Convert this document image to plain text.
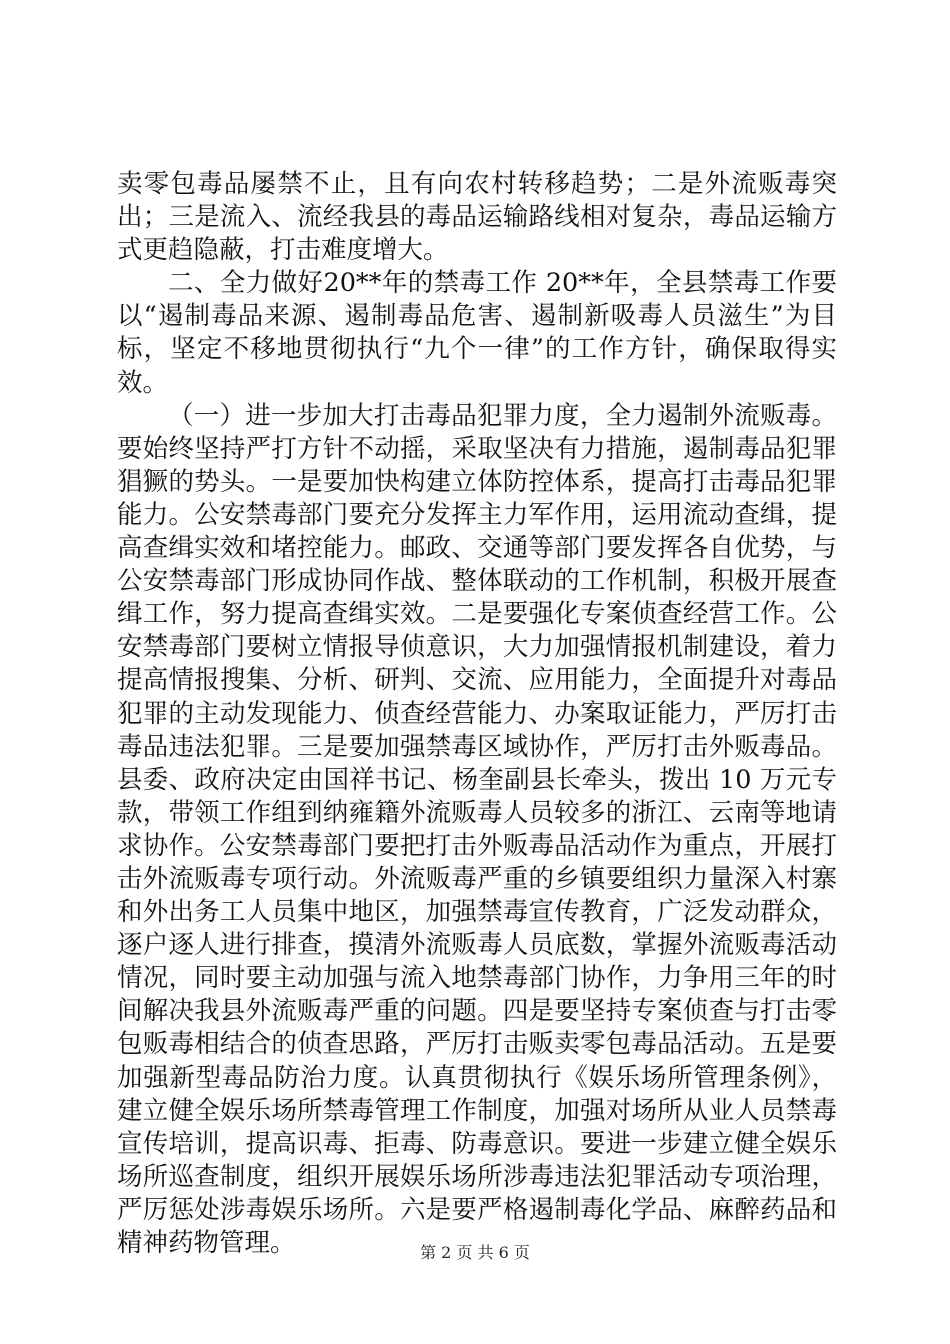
卖零包毒品屡禁不止，且有向农村转移趋势；二是外流贩毒突出；三是流入、流经我县的毒品运输路线相对复杂，毒品运输方式更趋隐蔽，打击难度增大。

二、全力做好20**年的禁毒工作 20**年，全县禁毒工作要以“遏制毒品来源、遏制毒品危害、遏制新吸毒人员滋生”为目标，坚定不移地贯彻执行“九个一律”的工作方针，确保取得实效。

（一）进一步加大打击毒品犯罪力度，全力遏制外流贩毒。要始终坚持严打方针不动摇，采取坚决有力措施，遏制毒品犯罪猖獗的势头。一是要加快构建立体防控体系，提高打击毒品犯罪能力。公安禁毒部门要充分发挥主力军作用，运用流动查缉，提高查缉实效和堵控能力。邮政、交通等部门要发挥各自优势，与公安禁毒部门形成协同作战、整体联动的工作机制，积极开展查缉工作，努力提高查缉实效。二是要强化专案侦查经营工作。公安禁毒部门要树立情报导侦意识，大力加强情报机制建设，着力提高情报搜集、分析、研判、交流、应用能力，全面提升对毒品犯罪的主动发现能力、侦查经营能力、办案取证能力，严厉打击毒品违法犯罪。三是要加强禁毒区域协作，严厉打击外贩毒品。县委、政府决定由国祥书记、杨奎副县长牵头，拨出 10 万元专款，带领工作组到纳雍籍外流贩毒人员较多的浙江、云南等地请求协作。公安禁毒部门要把打击外贩毒品活动作为重点，开展打击外流贩毒专项行动。外流贩毒严重的乡镇要组织力量深入村寨和外出务工人员集中地区，加强禁毒宣传教育，广泛发动群众，逐户逐人进行排查，摸清外流贩毒人员底数，掌握外流贩毒活动情况，同时要主动加强与流入地禁毒部门协作，力争用三年的时间解决我县外流贩毒严重的问题。四是要坚持专案侦查与打击零包贩毒相结合的侦查思路，严厉打击贩卖零包毒品活动。五是要加强新型毒品防治力度。认真贯彻执行《娱乐场所管理条例》，建立健全娱乐场所禁毒管理工作制度，加强对场所从业人员禁毒宣传培训，提高识毒、拒毒、防毒意识。要进一步建立健全娱乐场所巡查制度，组织开展娱乐场所涉毒违法犯罪活动专项治理，严厉惩处涉毒娱乐场所。六是要严格遏制毒化学品、麻醉药品和精神药物管理。	第 2 页 共 6 页
